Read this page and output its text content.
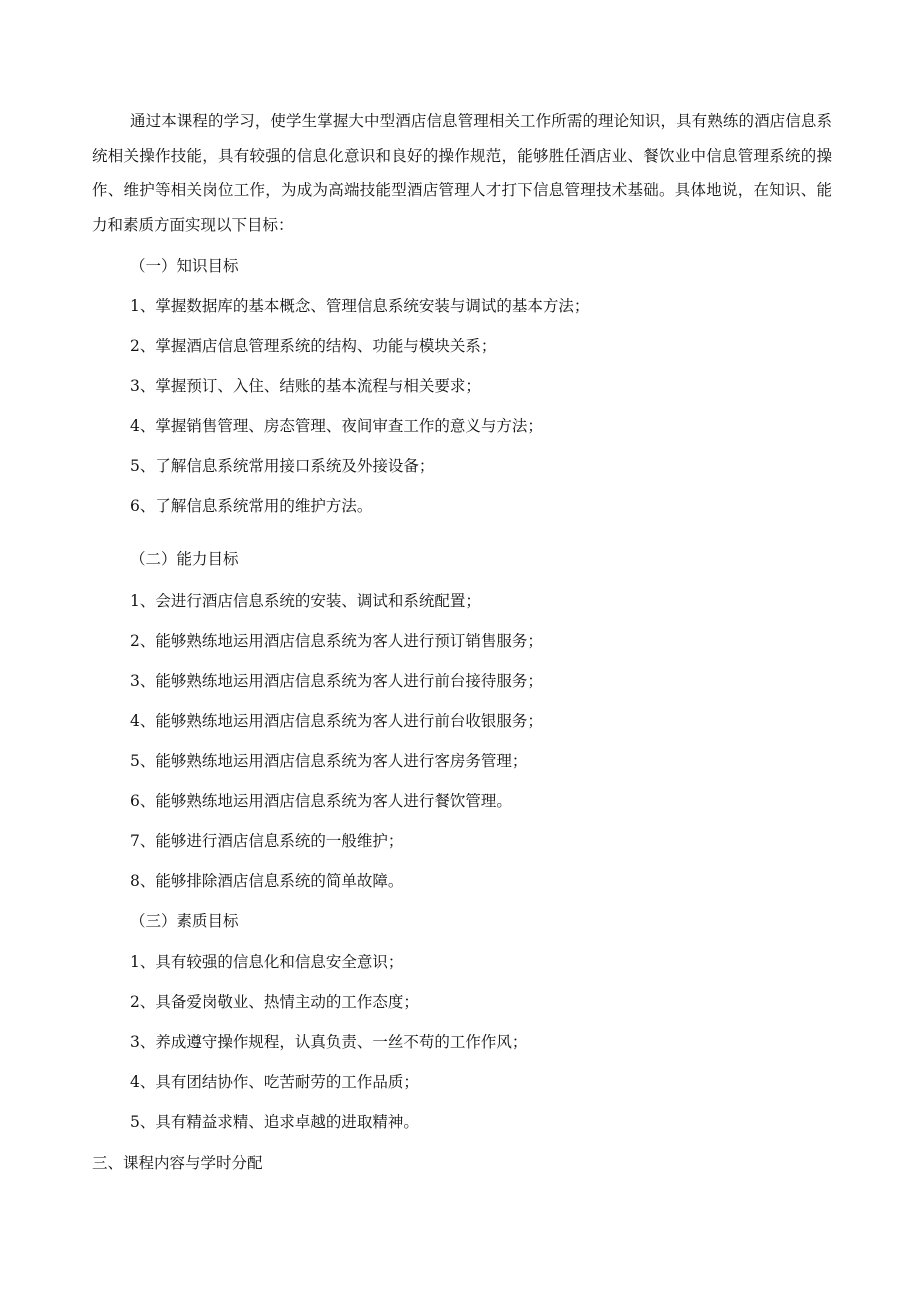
通过本课程的学习，使学生掌握大中型酒店信息管理相关工作所需的理论知识，具有熟练的酒店信息系统相关操作技能，具有较强的信息化意识和良好的操作规范，能够胜任酒店业、餐饮业中信息管理系统的操作、维护等相关岗位工作，为成为高端技能型酒店管理人才打下信息管理技术基础。具体地说，在知识、能力和素质方面实现以下目标：

（一）知识目标

1、掌握数据库的基本概念、管理信息系统安装与调试的基本方法；

2、掌握酒店信息管理系统的结构、功能与模块关系；

3、掌握预订、入住、结账的基本流程与相关要求；

4、掌握销售管理、房态管理、夜间审查工作的意义与方法；

5、了解信息系统常用接口系统及外接设备；

6、了解信息系统常用的维护方法。

（二）能力目标

1、会进行酒店信息系统的安装、调试和系统配置；

2、能够熟练地运用酒店信息系统为客人进行预订销售服务；

3、能够熟练地运用酒店信息系统为客人进行前台接待服务；

4、能够熟练地运用酒店信息系统为客人进行前台收银服务；

5、能够熟练地运用酒店信息系统为客人进行客房务管理；

6、能够熟练地运用酒店信息系统为客人进行餐饮管理。

7、能够进行酒店信息系统的一般维护；

8、能够排除酒店信息系统的简单故障。

（三）素质目标

1、具有较强的信息化和信息安全意识；

2、具备爱岗敬业、热情主动的工作态度；

3、养成遵守操作规程，认真负责、一丝不苟的工作作风；

4、具有团结协作、吃苦耐劳的工作品质；

5、具有精益求精、追求卓越的进取精神。

三、课程内容与学时分配
